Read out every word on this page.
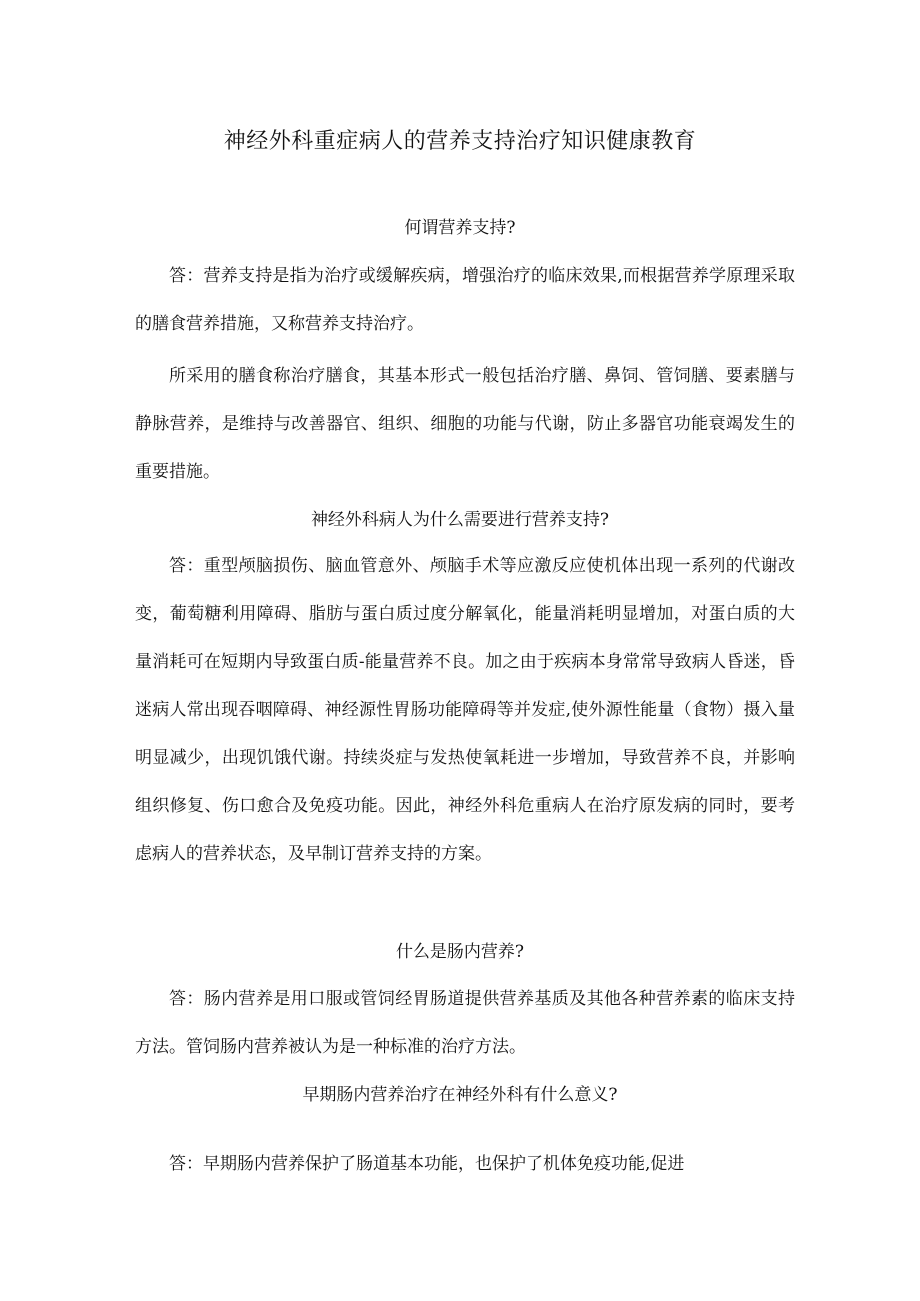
神经外科重症病人的营养支持治疗知识健康教育
何谓营养支持?

答：营养支持是指为治疗或缓解疾病，增强治疗的临床效果,而根据营养学原理采取的膳食营养措施，又称营养支持治疗。

所采用的膳食称治疗膳食，其基本形式一般包括治疗膳、鼻饲、管饲膳、要素膳与静脉营养，是维持与改善器官、组织、细胞的功能与代谢，防止多器官功能衰竭发生的重要措施。

神经外科病人为什么需要进行营养支持?

答：重型颅脑损伤、脑血管意外、颅脑手术等应激反应使机体出现一系列的代谢改变，葡萄糖利用障碍、脂肪与蛋白质过度分解氧化，能量消耗明显增加，对蛋白质的大量消耗可在短期内导致蛋白质-能量营养不良。加之由于疾病本身常常导致病人昏迷，昏迷病人常出现吞咽障碍、神经源性胃肠功能障碍等并发症,使外源性能量（食物）摄入量明显减少，出现饥饿代谢。持续炎症与发热使氧耗进一步增加，导致营养不良，并影响组织修复、伤口愈合及免疫功能。因此，神经外科危重病人在治疗原发病的同时，要考虑病人的营养状态，及早制订营养支持的方案。

什么是肠内营养?

答：肠内营养是用口服或管饲经胃肠道提供营养基质及其他各种营养素的临床支持方法。管饲肠内营养被认为是一种标准的治疗方法。

早期肠内营养治疗在神经外科有什么意义?

答：早期肠内营养保护了肠道基本功能，也保护了机体免疫功能,促进
